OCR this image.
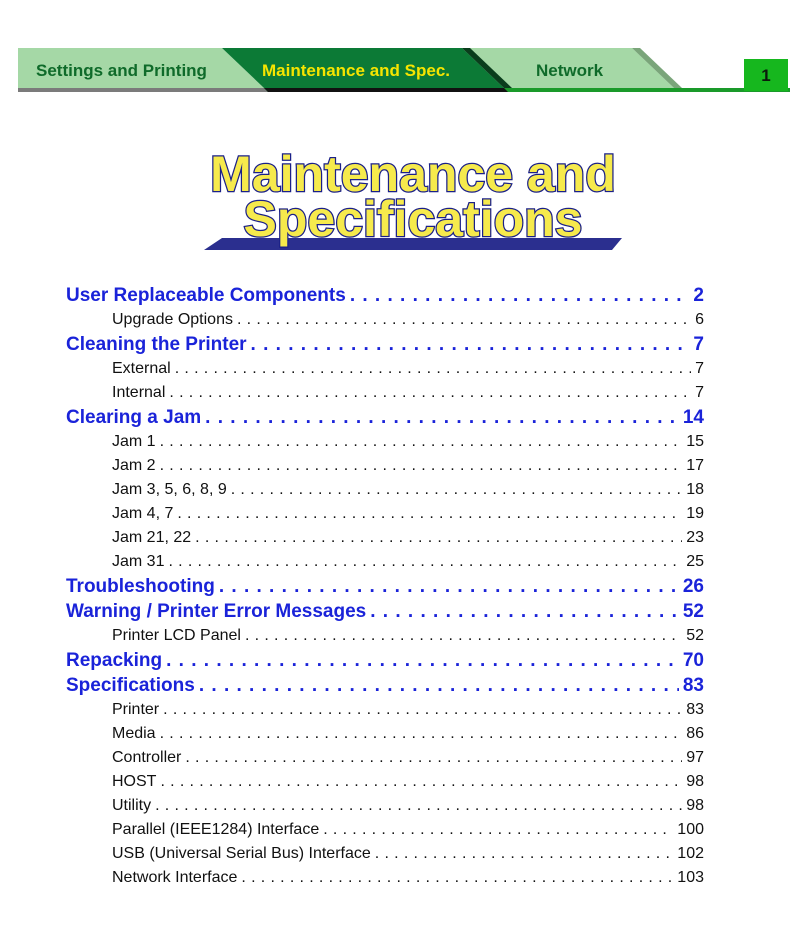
Settings and Printing	Maintenance and Spec.	Network	1
Maintenance and
Specifications
User Replaceable Components . . .	2
Upgrade Options . . .	6
Cleaning the Printer . . .	7
External . . .	7
Internal . . .	7
Clearing a Jam . . .	14
Jam 1 . . .	15
Jam 2 . . .	17
Jam 3, 5, 6, 8, 9 . . .	18
Jam 4, 7 . . .	19
Jam 21, 22 . . .	23
Jam 31 . . .	25
Troubleshooting . . .	26
Warning / Printer Error Messages . . .	52
Printer LCD Panel . . .	52
Repacking . . .	70
Specifications . . .	83
Printer . . .	83
Media . . .	86
Controller . . .	97
HOST . . .	98
Utility . . .	98
Parallel (IEEE1284) Interface . . .	100
USB (Universal Serial Bus) Interface . . .	102
Network Interface . . .	103
